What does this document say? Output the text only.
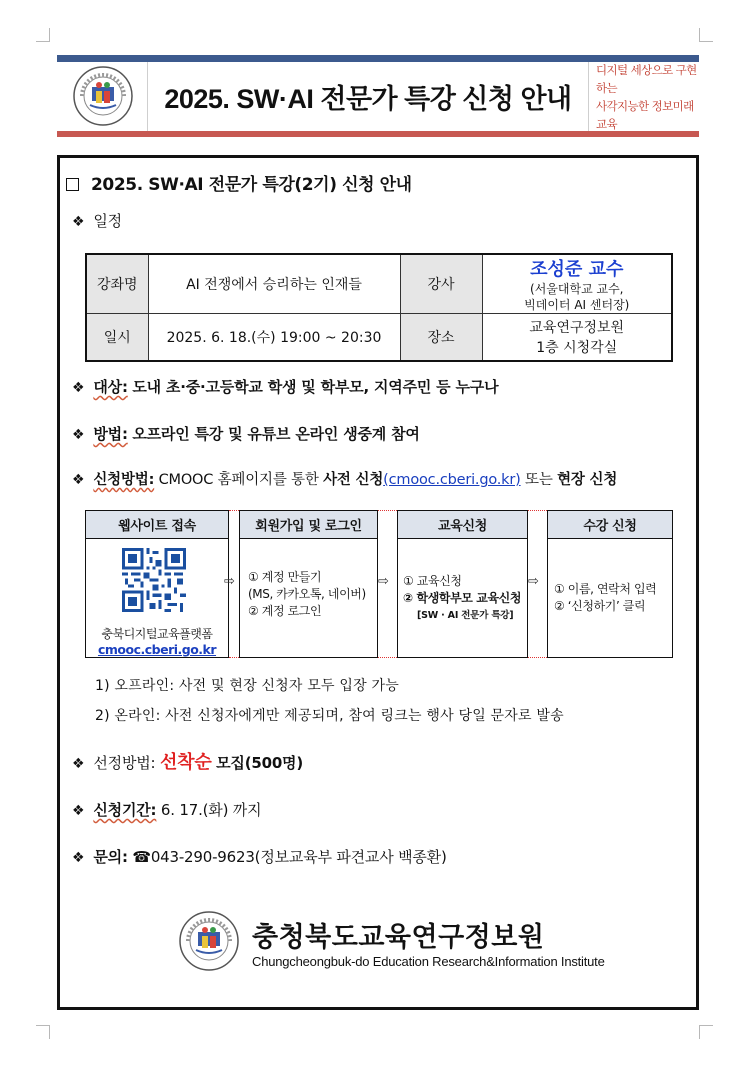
2025. SW·AI 전문가 특강 신청 안내
디지털 세상으로 구현하는
사각지능한 정보미래교육
2025. SW·AI 전문가 특강(2기) 신청 안내
❖ 일정
강좌명	AI 전쟁에서 승리하는 인재들	강사	조성준 교수
(서울대학교 교수,
빅데이터 AI 센터장)

일시	2025. 6. 18.(수) 19:00 ~ 20:30	장소	교육연구정보원
1층 시청각실
❖ 대상: 도내 초·중·고등학교 학생 및 학부모, 지역주민 등 누구나
❖ 방법: 오프라인 특강 및 유튜브 온라인 생중계 참여
❖ 신청방법: CMOOC 홈페이지를 통한 사전 신청(cmooc.cberi.go.kr) 또는 현장 신청
웹사이트 접속
충북디지털교육플랫폼
cmooc.cberi.go.kr
⇨
회원가입 및 로그인
① 계정 만들기
(MS, 카카오톡, 네이버)
② 계정 로그인
⇨
교육신청
① 교육신청
② 학생학부모 교육신청
[SW · AI 전문가 특강]
⇨
수강 신청
① 이름, 연락처 입력
② ‘신청하기’ 클릭
1) 오프라인: 사전 및 현장 신청자 모두 입장 가능
2) 온라인: 사전 신청자에게만 제공되며, 참여 링크는 행사 당일 문자로 발송
❖ 선정방법: 선착순 모집(500명)
❖ 신청기간: 6. 17.(화) 까지
❖ 문의: ☎043-290-9623(정보교육부 파견교사 백종환)
충청북도교육연구정보원
Chungcheongbuk-do Education Research&Information Institute
